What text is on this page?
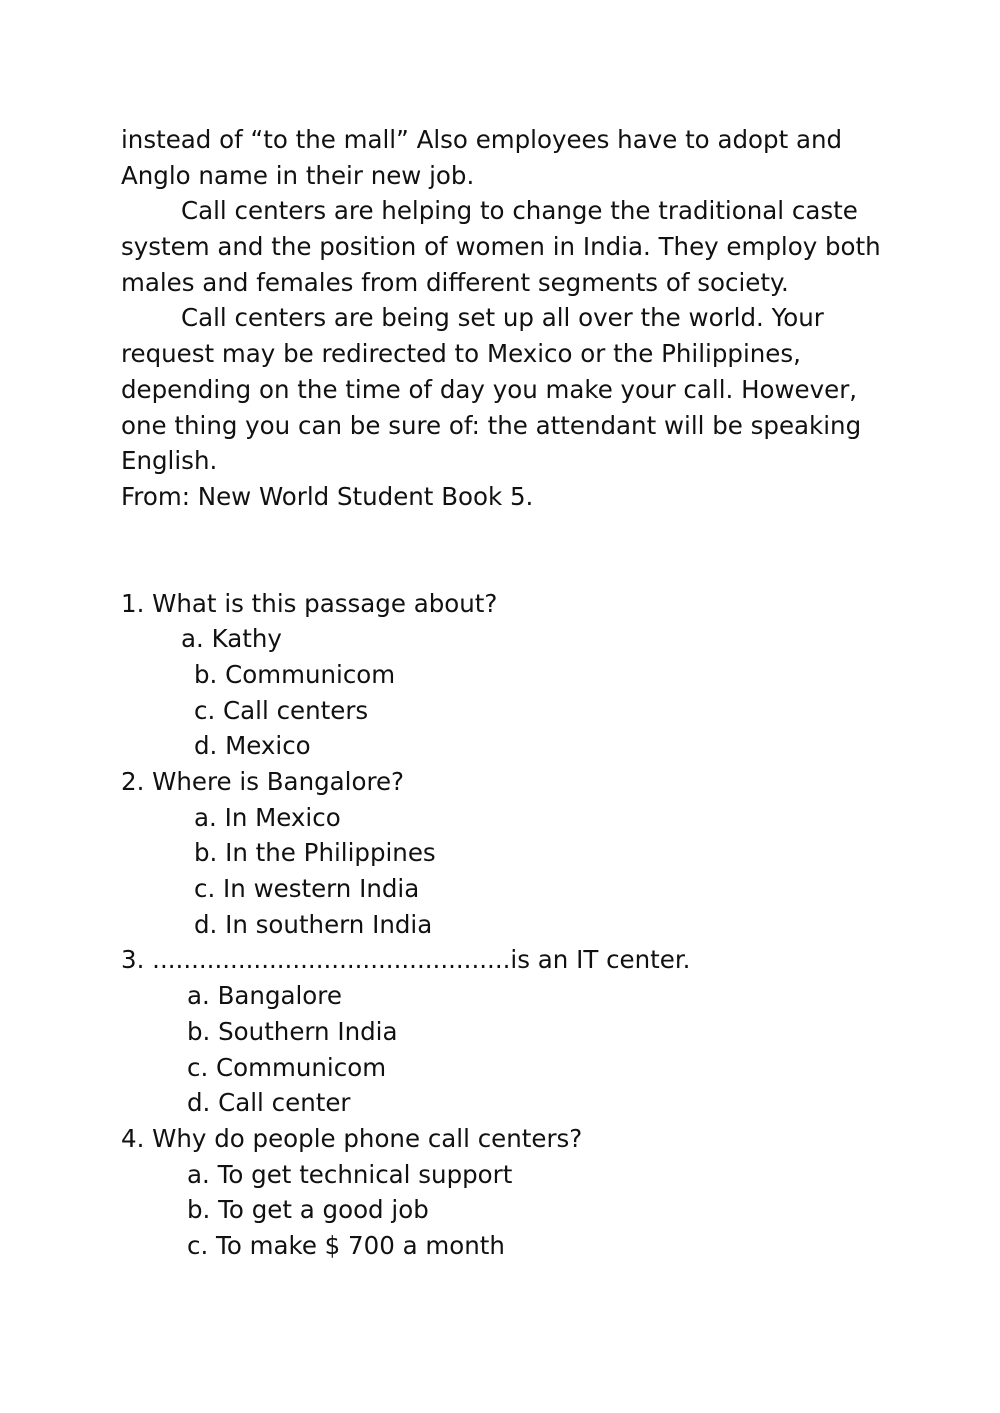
instead of “to the mall” Also employees have to adopt and
Anglo name in their new job.
Call centers are helping to change the traditional caste
system and the position of women in India. They employ both
males and females from different segments of society.
Call centers are being set up all over the world. Your
request may be redirected to Mexico or the Philippines,
depending on the time of day you make your call. However,
one thing you can be sure of: the attendant will be speaking
English.
From: New World Student Book 5.
1. What is this passage about?
a. Kathy
b. Communicom
c. Call centers
d. Mexico
2. Where is Bangalore?
a. In Mexico
b. In the Philippines
c. In western India
d. In southern India
3. ..............................................is an IT center.
a. Bangalore
b. Southern India
c. Communicom
d. Call center
4. Why do people phone call centers?
a. To get technical support
b. To get a good job
c. To make $ 700 a month
